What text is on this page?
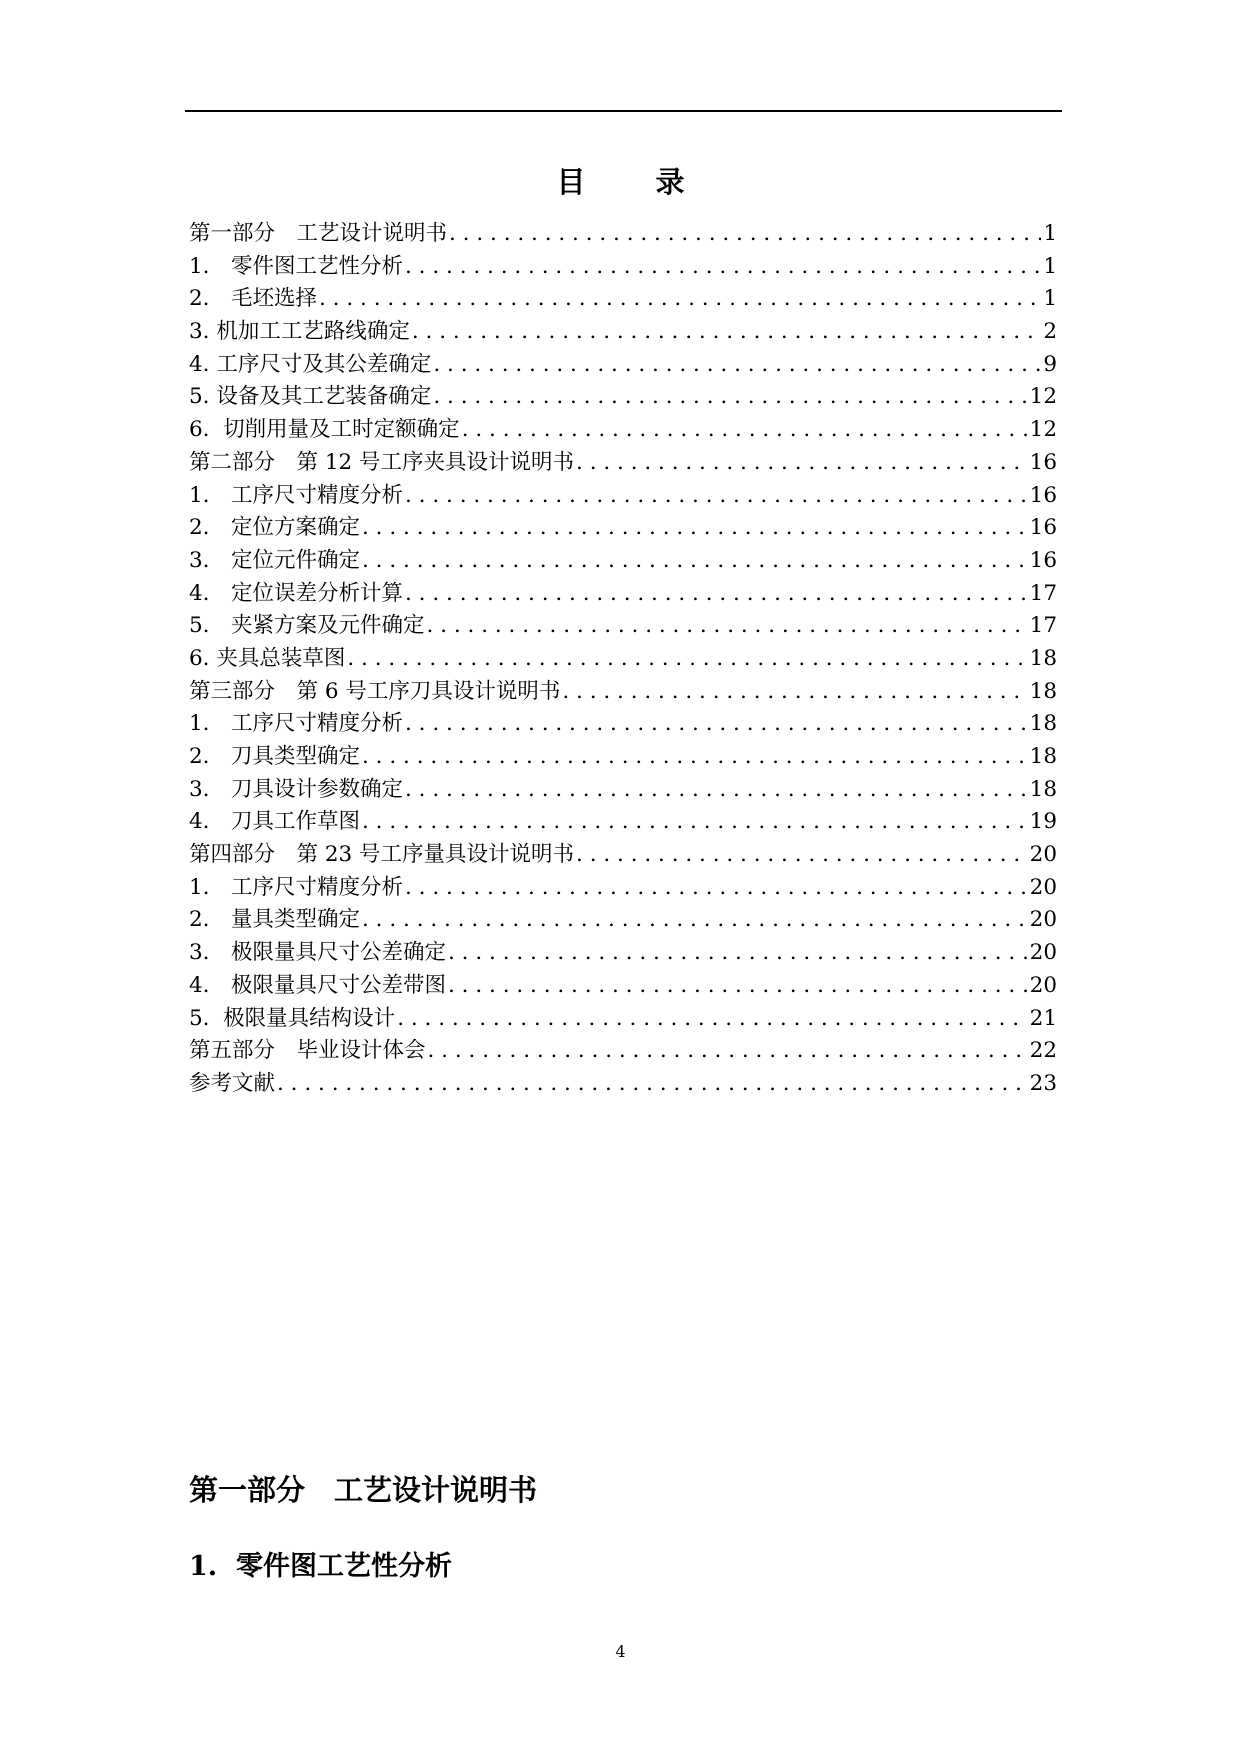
目 录
第一部分　工艺设计说明书 . . .	1
1.　零件图工艺性分析 . . .	1
2.　毛坯选择 . . .	1
3. 机加工工艺路线确定 . . .	2
4. 工序尺寸及其公差确定 . . .	9
5. 设备及其工艺装备确定 . . .	12
6.  切削用量及工时定额确定 . . .	12
第二部分　第 12 号工序夹具设计说明书 . . .	16
1.　工序尺寸精度分析 . . .	16
2.　定位方案确定 . . .	16
3.　定位元件确定 . . .	16
4.　定位误差分析计算 . . .	17
5.　夹紧方案及元件确定 . . .	17
6. 夹具总装草图 . . .	18
第三部分　第 6 号工序刀具设计说明书 . . .	18
1.　工序尺寸精度分析 . . .	18
2.　刀具类型确定 . . .	18
3.　刀具设计参数确定 . . .	18
4.　刀具工作草图 . . .	19
第四部分　第 23 号工序量具设计说明书 . . .	20
1.　工序尺寸精度分析 . . .	20
2.　量具类型确定 . . .	20
3.　极限量具尺寸公差确定 . . .	20
4.　极限量具尺寸公差带图 . . .	20
5.  极限量具结构设计 . . .	21
第五部分　毕业设计体会 . . .	22
参考文献 . . .	23
第一部分　工艺设计说明书
1.  零件图工艺性分析
4
